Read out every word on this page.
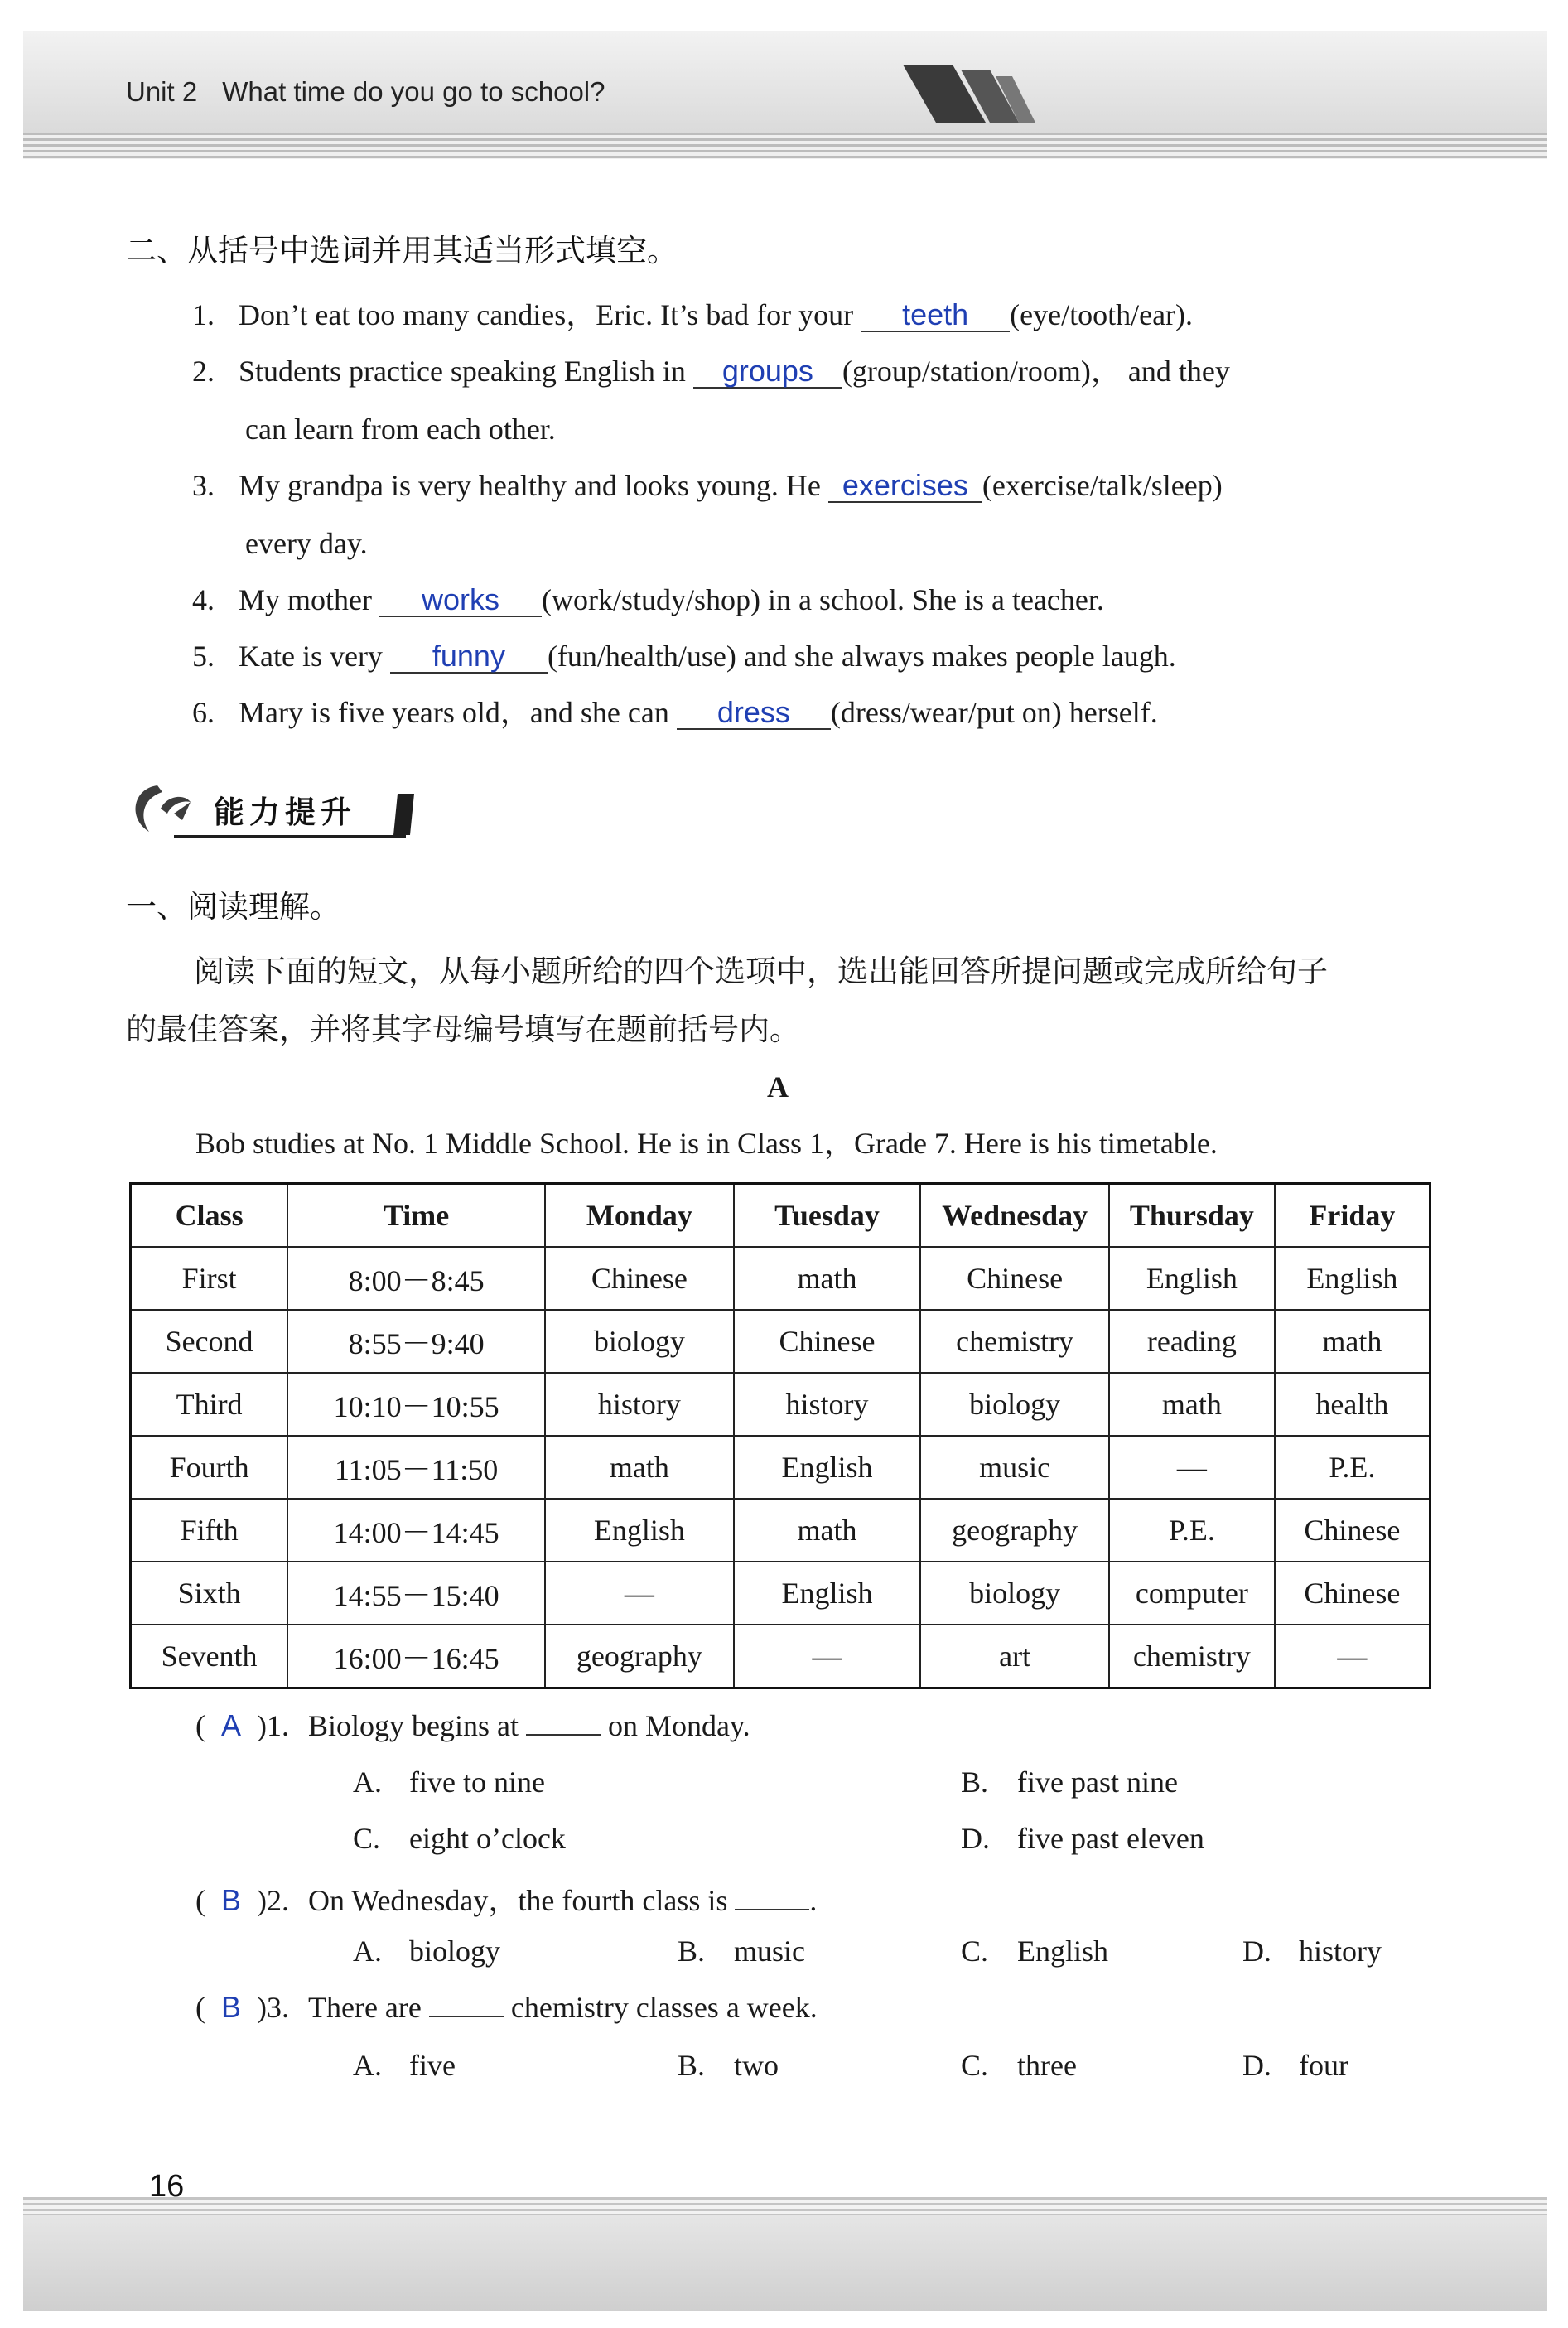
Unit 2 What time do you go to school?
二、从括号中选词并用其适当形式填空。
1. Don’t eat too many candies，Eric. It’s bad for your teeth (eye/tooth/ear).
2. Students practice speaking English in groups (group/station/room)， and they
can learn from each other.
3. My grandpa is very healthy and looks young. He exercises (exercise/talk/sleep)
every day.
4. My mother works (work/study/shop) in a school. She is a teacher.
5. Kate is very funny (fun/health/use) and she always makes people laugh.
6. Mary is five years old，and she can dress (dress/wear/put on) herself.
能力提升
一、阅读理解。
阅读下面的短文，从每小题所给的四个选项中，选出能回答所提问题或完成所给句子
的最佳答案，并将其字母编号填写在题前括号内。
A
Bob studies at No. 1 Middle School. He is in Class 1，Grade 7. Here is his timetable.
Class	Time	Monday	Tuesday	Wednesday	Thursday	Friday
First	8:00－8:45	Chinese	math	Chinese	English	English
Second	8:55－9:40	biology	Chinese	chemistry	reading	math
Third	10:10－10:55	history	history	biology	math	health
Fourth	11:05－11:50	math	English	music	—	P.E.
Fifth	14:00－14:45	English	math	geography	P.E.	Chinese
Sixth	14:55－15:40	—	English	biology	computer	Chinese
Seventh	16:00－16:45	geography	—	art	chemistry	—
( A )1. Biology begins at	on Monday.
A. five to nine	B. five past nine
C. eight o’clock	D. five past eleven
( B )2. On Wednesday，the fourth class is	.
A. biology	B. music	C. English	D. history
( B )3. There are	chemistry classes a week.
A. five	B. two	C. three	D. four
16
